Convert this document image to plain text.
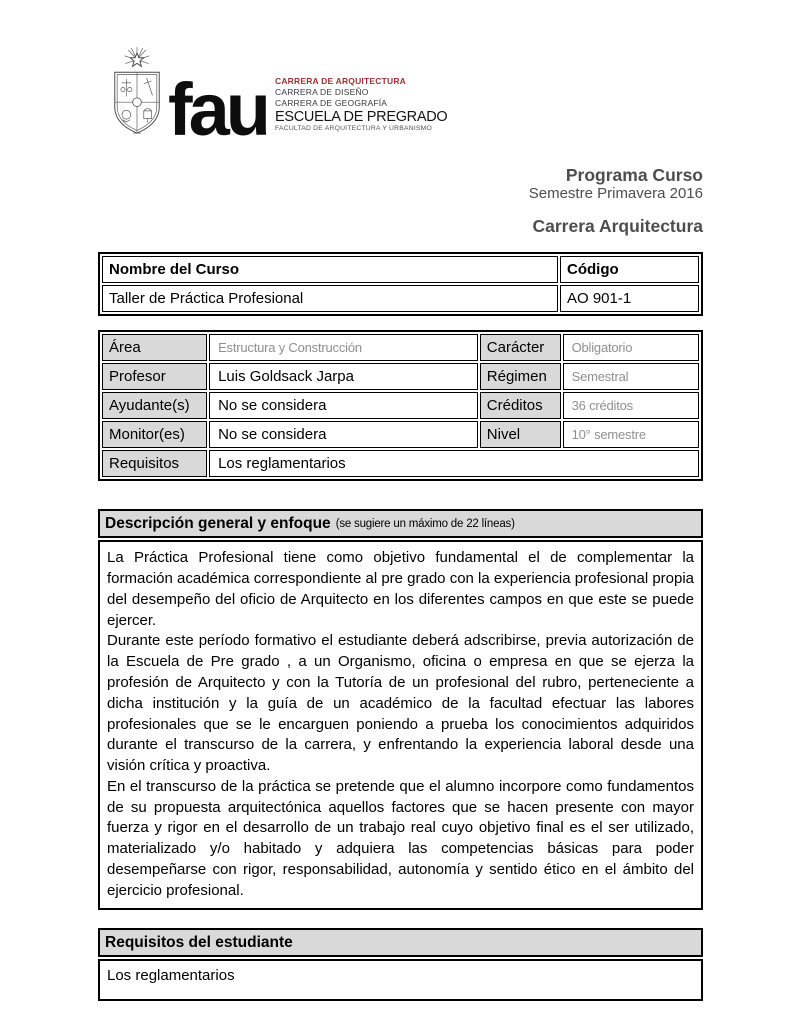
fau CARRERA DE ARQUITECTURA
CARRERA DE DISEÑO
CARRERA DE GEOGRAFÍA
ESCUELA DE PREGRADO
FACULTAD DE ARQUITECTURA Y URBANISMO
Programa Curso
Semestre Primavera 2016
Carrera Arquitectura
Nombre del Curso	Código
Taller de Práctica Profesional	AO 901-1
Área	Estructura y Construcción	Carácter	Obligatorio
Profesor	Luis Goldsack Jarpa	Régimen	Semestral
Ayudante(s)	No se considera	Créditos	36 créditos
Monitor(es)	No se considera	Nivel	10° semestre
Requisitos	Los reglamentarios		
Descripción general y enfoque (se sugiere un máximo de 22 líneas)

La Práctica Profesional tiene como objetivo fundamental el de complementar la formación académica correspondiente al pre grado con la experiencia profesional propia del desempeño del oficio de Arquitecto en los diferentes campos en que este se puede ejercer.

Durante este período formativo el estudiante deberá adscribirse, previa autorización de la Escuela de Pre grado , a un Organismo, oficina o empresa en que se ejerza la profesión de Arquitecto y con la Tutoría de un profesional del rubro, perteneciente a dicha institución y la guía de un académico de la facultad efectuar las labores profesionales que se le encarguen poniendo a prueba los conocimientos adquiridos durante el transcurso de la carrera, y enfrentando la experiencia laboral desde una visión crítica y proactiva.

En el transcurso de la práctica se pretende que el alumno incorpore como fundamentos de su propuesta arquitectónica aquellos factores que se hacen presente con mayor fuerza y rigor en el desarrollo de un trabajo real cuyo objetivo final es el ser utilizado, materializado y/o habitado y adquiera las competencias básicas para poder desempeñarse con rigor, responsabilidad, autonomía y sentido ético en el ámbito del ejercicio profesional.

Requisitos del estudiante
Los reglamentarios
